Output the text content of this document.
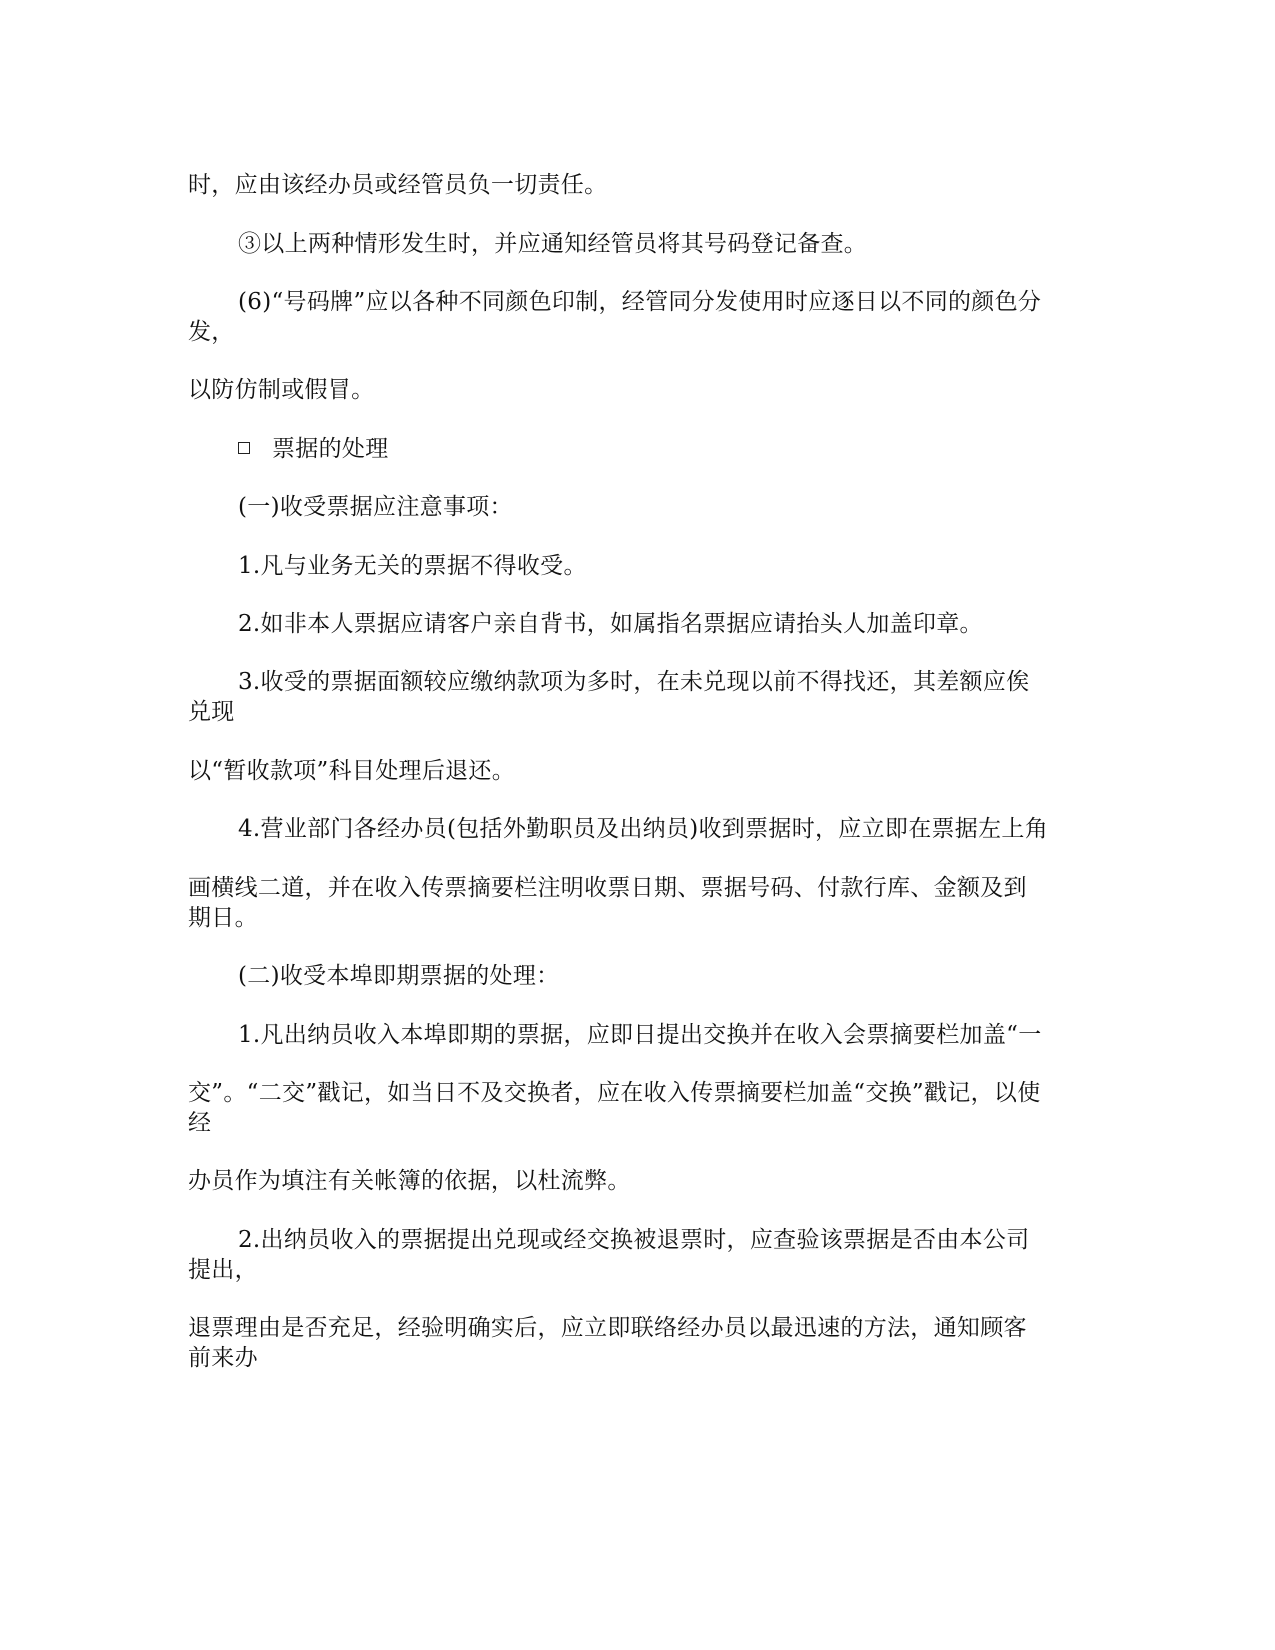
时，应由该经办员或经管员负一切责任。
③以上两种情形发生时，并应通知经管员将其号码登记备查。
(6)“号码牌”应以各种不同颜色印制，经管同分发使用时应逐日以不同的颜色分
发，
以防仿制或假冒。
票据的处理
(一)收受票据应注意事项：
1.凡与业务无关的票据不得收受。
2.如非本人票据应请客户亲自背书，如属指名票据应请抬头人加盖印章。
3.收受的票据面额较应缴纳款项为多时，在未兑现以前不得找还，其差额应俟
兑现
以“暂收款项”科目处理后退还。
4.营业部门各经办员(包括外勤职员及出纳员)收到票据时，应立即在票据左上角
画横线二道，并在收入传票摘要栏注明收票日期、票据号码、付款行库、金额及到
期日。
(二)收受本埠即期票据的处理：
1.凡出纳员收入本埠即期的票据，应即日提出交换并在收入会票摘要栏加盖“一
交”。“二交”戳记，如当日不及交换者，应在收入传票摘要栏加盖“交换”戳记，以使
经
办员作为填注有关帐簿的依据，以杜流弊。
2.出纳员收入的票据提出兑现或经交换被退票时，应查验该票据是否由本公司
提出，
退票理由是否充足，经验明确实后，应立即联络经办员以最迅速的方法，通知顾客
前来办
